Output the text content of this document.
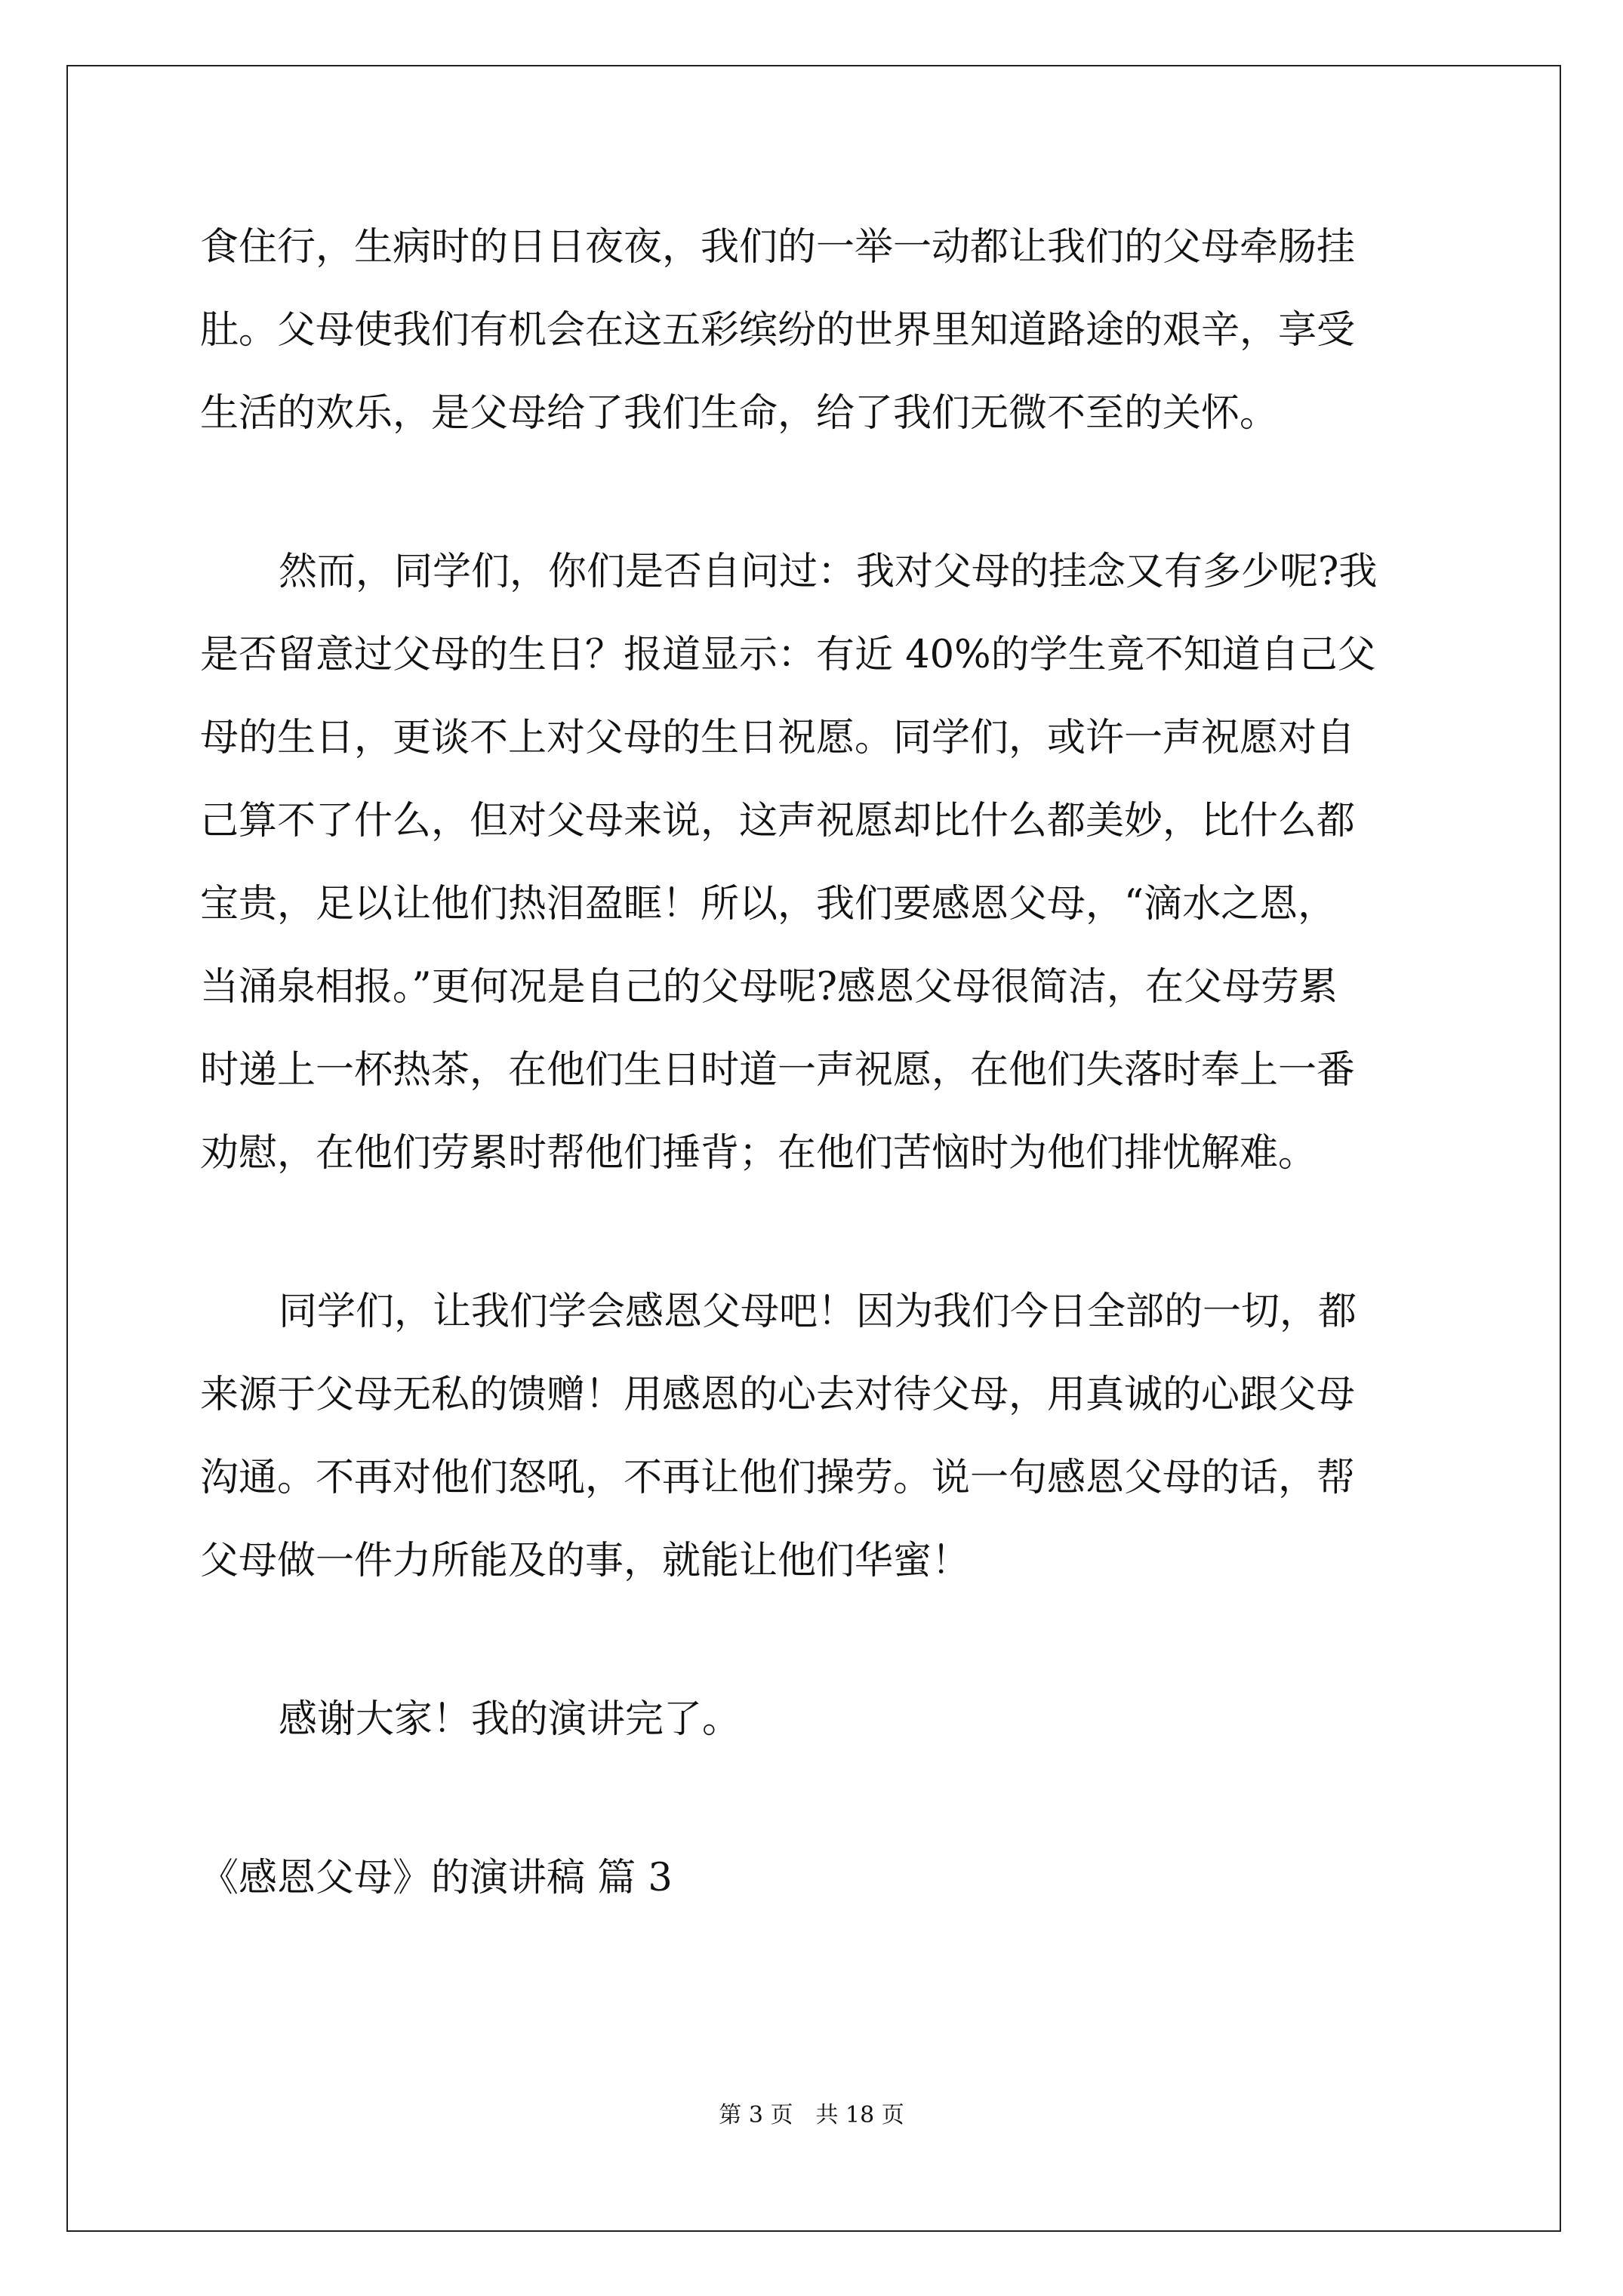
食住行，生病时的日日夜夜，我们的一举一动都让我们的父母牵肠挂
肚。父母使我们有机会在这五彩缤纷的世界里知道路途的艰辛，享受
生活的欢乐，是父母给了我们生命，给了我们无微不至的关怀。
然而，同学们，你们是否自问过：我对父母的挂念又有多少呢?我
是否留意过父母的生日？报道显示：有近 40%的学生竟不知道自己父
母的生日，更谈不上对父母的生日祝愿。同学们，或许一声祝愿对自
己算不了什么，但对父母来说，这声祝愿却比什么都美妙，比什么都
宝贵，足以让他们热泪盈眶！所以，我们要感恩父母，“滴水之恩，
当涌泉相报。”更何况是自己的父母呢?感恩父母很简洁，在父母劳累
时递上一杯热茶，在他们生日时道一声祝愿，在他们失落时奉上一番
劝慰，在他们劳累时帮他们捶背；在他们苦恼时为他们排忧解难。
同学们，让我们学会感恩父母吧！因为我们今日全部的一切，都
来源于父母无私的馈赠！用感恩的心去对待父母，用真诚的心跟父母
沟通。不再对他们怒吼，不再让他们操劳。说一句感恩父母的话，帮
父母做一件力所能及的事，就能让他们华蜜！
感谢大家！我的演讲完了。
《感恩父母》的演讲稿 篇 3
第 3 页　共 18 页
